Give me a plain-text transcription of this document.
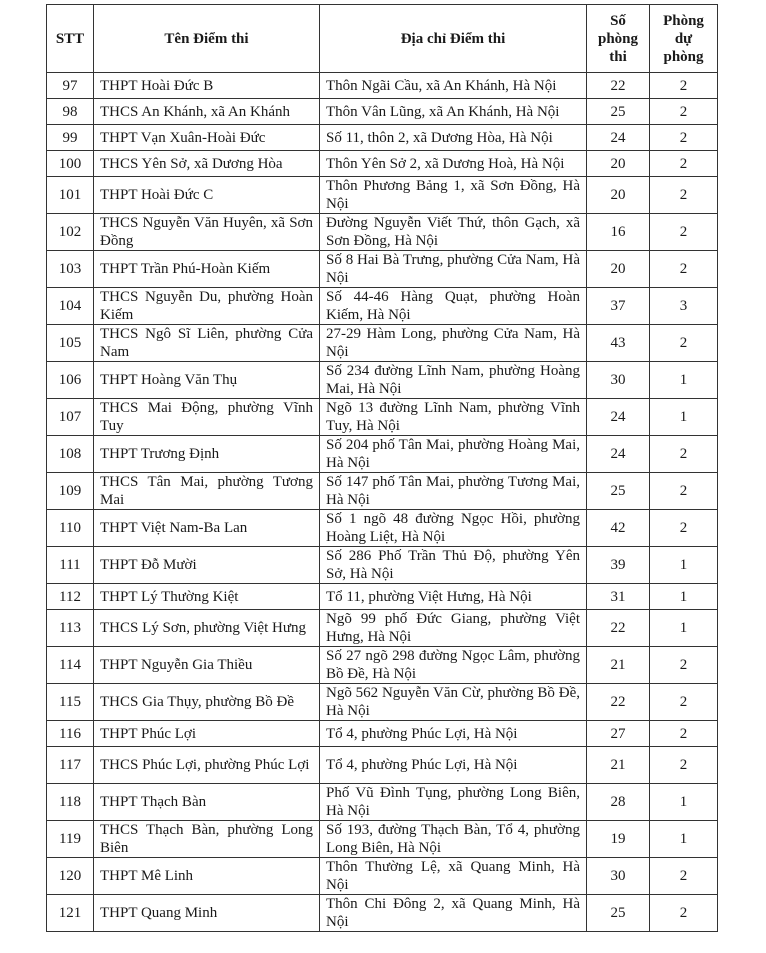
STT	Tên Điểm thi	Địa chỉ Điểm thi	Số phòng thi	Phòng dự phòng
97	THPT Hoài Đức B	Thôn Ngãi Cầu, xã An Khánh, Hà Nội	22	2
98	THCS An Khánh, xã An Khánh	Thôn Vân Lũng, xã An Khánh, Hà Nội	25	2
99	THPT Vạn Xuân-Hoài Đức	Số 11, thôn 2, xã Dương Hòa, Hà Nội	24	2
100	THCS Yên Sở, xã Dương Hòa	Thôn Yên Sở 2, xã Dương Hoà, Hà Nội	20	2
101	THPT Hoài Đức C	Thôn Phương Bảng 1, xã Sơn Đồng, Hà Nội	20	2
102	THCS Nguyễn Văn Huyên, xã Sơn Đồng	Đường Nguyễn Viết Thứ, thôn Gạch, xã Sơn Đồng, Hà Nội	16	2
103	THPT Trần Phú-Hoàn Kiếm	Số 8 Hai Bà Trưng, phường Cửa Nam, Hà Nội	20	2
104	THCS Nguyễn Du, phường Hoàn Kiếm	Số 44-46 Hàng Quạt, phường Hoàn Kiếm, Hà Nội	37	3
105	THCS Ngô Sĩ Liên, phường Cửa Nam	27-29 Hàm Long, phường Cửa Nam, Hà Nội	43	2
106	THPT Hoàng Văn Thụ	Số 234 đường Lĩnh Nam, phường Hoàng Mai, Hà Nội	30	1
107	THCS Mai Động, phường Vĩnh Tuy	Ngõ 13 đường Lĩnh Nam, phường Vĩnh Tuy, Hà Nội	24	1
108	THPT Trương Định	Số 204 phố Tân Mai, phường Hoàng Mai, Hà Nội	24	2
109	THCS Tân Mai, phường Tương Mai	Số 147 phố Tân Mai, phường Tương Mai, Hà Nội	25	2
110	THPT Việt Nam-Ba Lan	Số 1 ngõ 48 đường Ngọc Hồi, phường Hoàng Liệt, Hà Nội	42	2
111	THPT Đỗ Mười	Số 286 Phố Trần Thủ Độ, phường Yên Sở, Hà Nội	39	1
112	THPT Lý Thường Kiệt	Tổ 11, phường Việt Hưng, Hà Nội	31	1
113	THCS Lý Sơn, phường Việt Hưng	Ngõ 99 phố Đức Giang, phường Việt Hưng, Hà Nội	22	1
114	THPT Nguyễn Gia Thiều	Số 27 ngõ 298 đường Ngọc Lâm, phường Bồ Đề, Hà Nội	21	2
115	THCS Gia Thụy, phường Bồ Đề	Ngõ 562 Nguyễn Văn Cừ, phường Bồ Đề, Hà Nội	22	2
116	THPT Phúc Lợi	Tổ 4, phường Phúc Lợi, Hà Nội	27	2
117	THCS Phúc Lợi, phường Phúc Lợi	Tổ 4, phường Phúc Lợi, Hà Nội	21	2
118	THPT Thạch Bàn	Phố Vũ Đình Tụng, phường Long Biên, Hà Nội	28	1
119	THCS Thạch Bàn, phường Long Biên	Số 193, đường Thạch Bàn, Tổ 4, phường Long Biên, Hà Nội	19	1
120	THPT Mê Linh	Thôn Thường Lệ, xã Quang Minh, Hà Nội	30	2
121	THPT Quang Minh	Thôn Chi Đông 2, xã Quang Minh, Hà Nội	25	2
